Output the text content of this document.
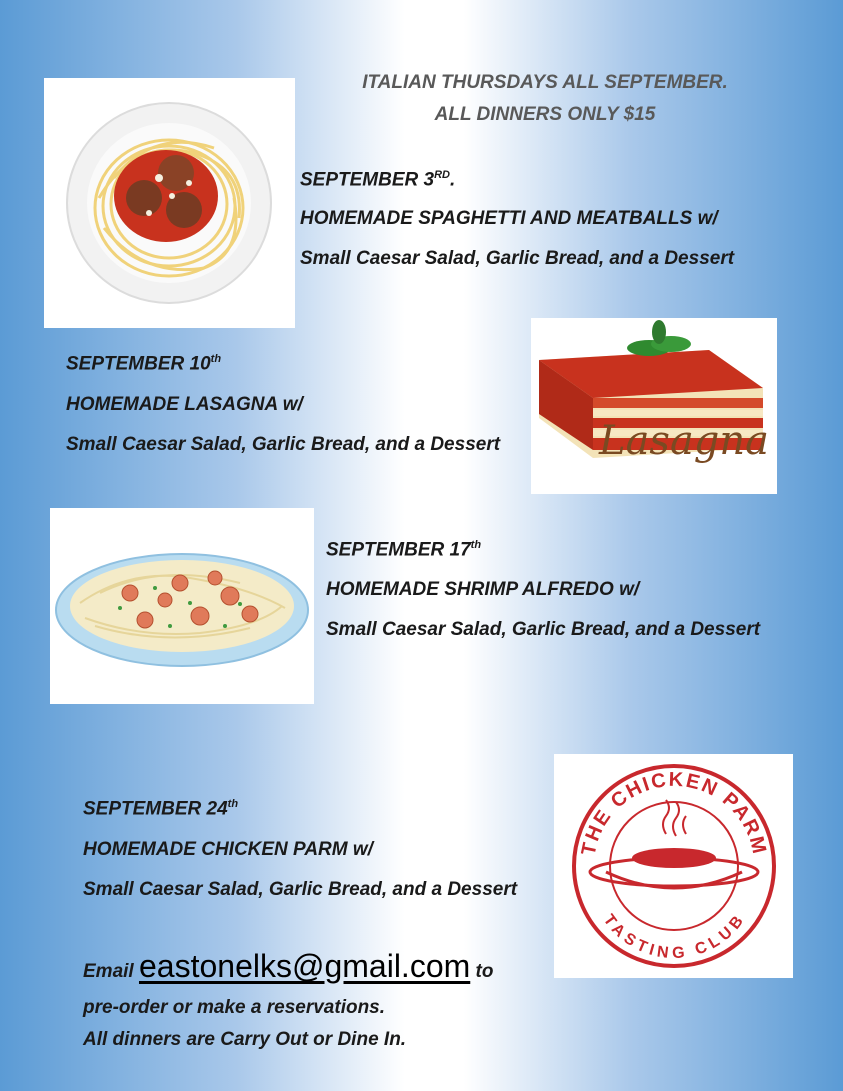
ITALIAN THURSDAYS ALL SEPTEMBER.
ALL DINNERS ONLY $15
SEPTEMBER 3RD.
HOMEMADE SPAGHETTI AND MEATBALLS w/
Small Caesar Salad, Garlic Bread, and a Dessert
Lasagna
SEPTEMBER 10th
HOMEMADE LASAGNA w/
Small Caesar Salad, Garlic Bread, and a Dessert
SEPTEMBER 17th
HOMEMADE SHRIMP ALFREDO w/
Small Caesar Salad, Garlic Bread, and a Dessert
THE CHICKEN PARM
TASTING CLUB
SEPTEMBER 24th
HOMEMADE CHICKEN PARM w/
Small Caesar Salad, Garlic Bread, and a Dessert
Email eastonelks@gmail.com to
pre-order or make a reservations.
All dinners are Carry Out or Dine In.
